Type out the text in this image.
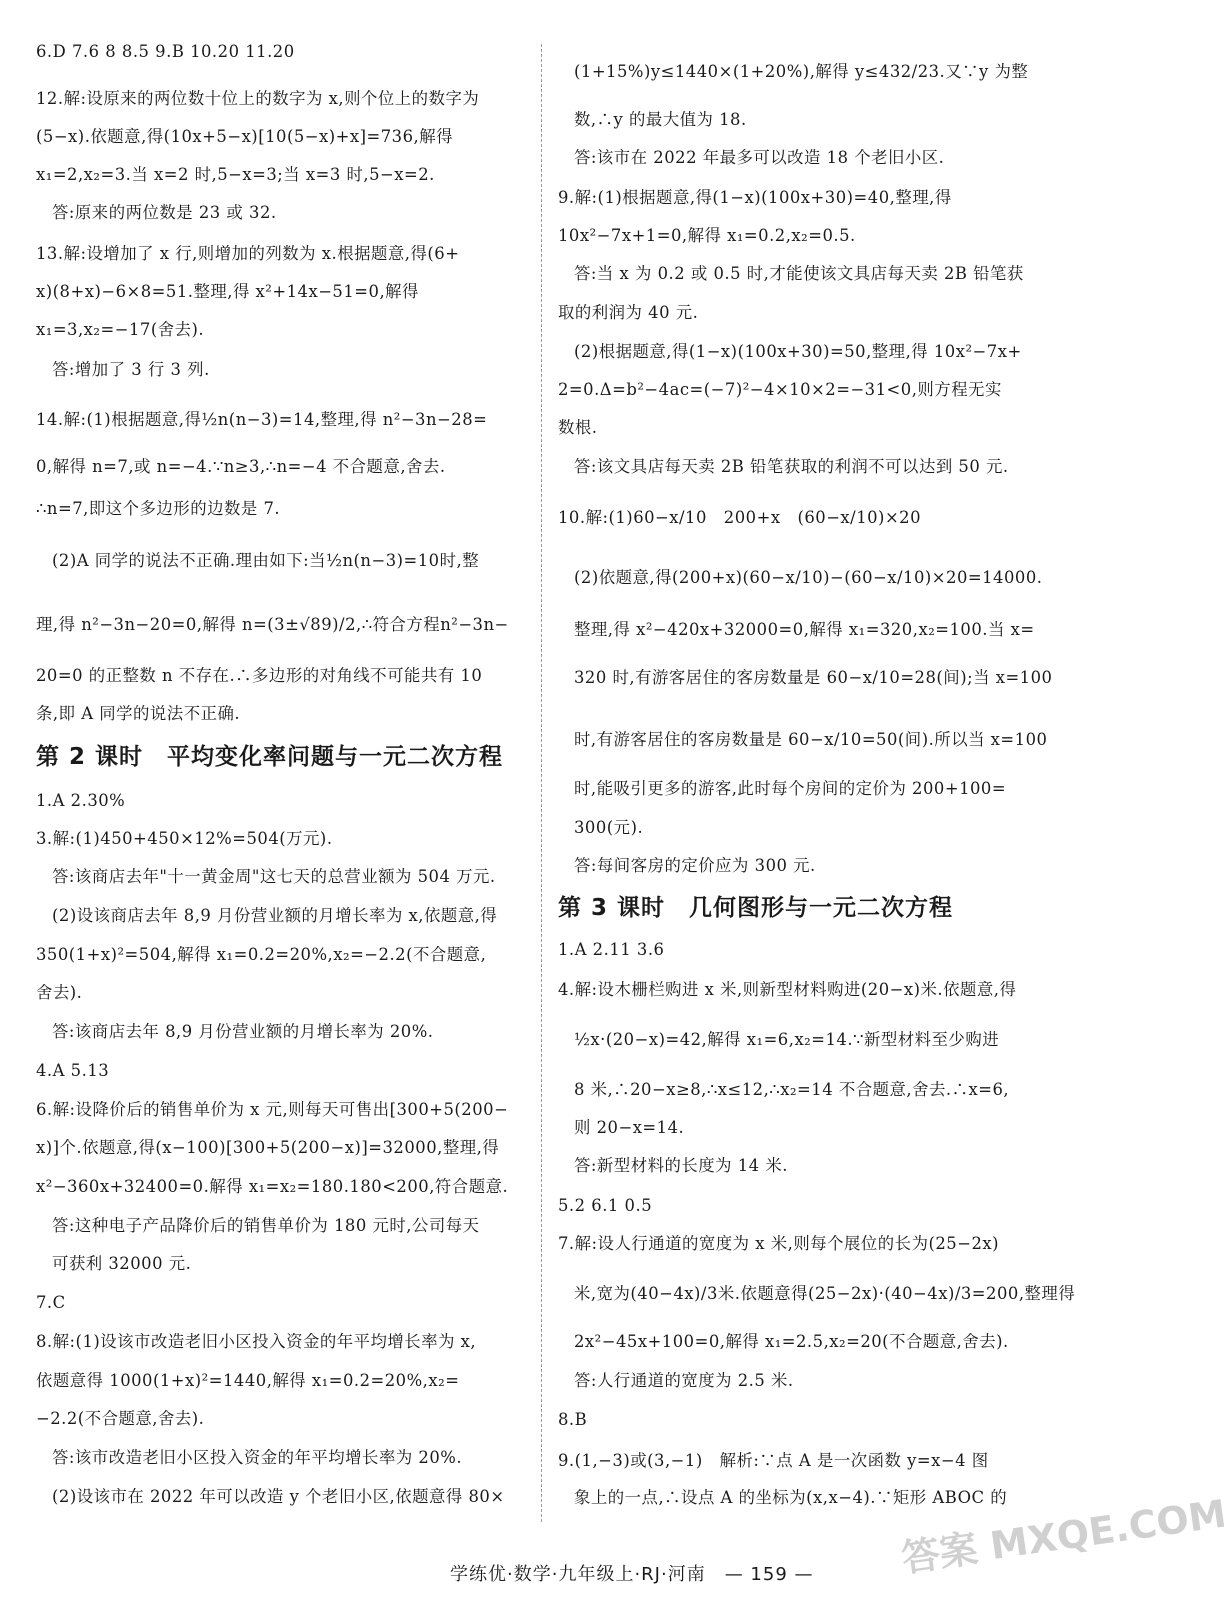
6.D 7.6 8 8.5 9.B 10.20 11.20
12.解:设原来的两位数十位上的数字为 x,则个位上的数字为
(5−x).依题意,得(10x+5−x)[10(5−x)+x]=736,解得
x₁=2,x₂=3.当 x=2 时,5−x=3;当 x=3 时,5−x=2.
答:原来的两位数是 23 或 32.
13.解:设增加了 x 行,则增加的列数为 x.根据题意,得(6+
x)(8+x)−6×8=51.整理,得 x²+14x−51=0,解得
x₁=3,x₂=−17(舍去).
答:增加了 3 行 3 列.
14.解:(1)根据题意,得½n(n−3)=14,整理,得 n²−3n−28=
0,解得 n=7,或 n=−4.∵n≥3,∴n=−4 不合题意,舍去.
∴n=7,即这个多边形的边数是 7.
(2)A 同学的说法不正确.理由如下:当½n(n−3)=10时,整
理,得 n²−3n−20=0,解得 n=(3±√89)/2,∴符合方程n²−3n−
20=0 的正整数 n 不存在.∴多边形的对角线不可能共有 10
条,即 A 同学的说法不正确.
第 2 课时　平均变化率问题与一元二次方程
1.A 2.30%
3.解:(1)450+450×12%=504(万元).
答:该商店去年"十一黄金周"这七天的总营业额为 504 万元.
(2)设该商店去年 8,9 月份营业额的月增长率为 x,依题意,得
350(1+x)²=504,解得 x₁=0.2=20%,x₂=−2.2(不合题意,
舍去).
答:该商店去年 8,9 月份营业额的月增长率为 20%.
4.A 5.13
6.解:设降价后的销售单价为 x 元,则每天可售出[300+5(200−
x)]个.依题意,得(x−100)[300+5(200−x)]=32000,整理,得
x²−360x+32400=0.解得 x₁=x₂=180.180<200,符合题意.
答:这种电子产品降价后的销售单价为 180 元时,公司每天
可获利 32000 元.
7.C
8.解:(1)设该市改造老旧小区投入资金的年平均增长率为 x,
依题意得 1000(1+x)²=1440,解得 x₁=0.2=20%,x₂=
−2.2(不合题意,舍去).
答:该市改造老旧小区投入资金的年平均增长率为 20%.
(2)设该市在 2022 年可以改造 y 个老旧小区,依题意得 80×
(1+15%)y≤1440×(1+20%),解得 y≤432/23.又∵y 为整
数,∴y 的最大值为 18.
答:该市在 2022 年最多可以改造 18 个老旧小区.
9.解:(1)根据题意,得(1−x)(100x+30)=40,整理,得
10x²−7x+1=0,解得 x₁=0.2,x₂=0.5.
答:当 x 为 0.2 或 0.5 时,才能使该文具店每天卖 2B 铅笔获
取的利润为 40 元.
(2)根据题意,得(1−x)(100x+30)=50,整理,得 10x²−7x+
2=0.Δ=b²−4ac=(−7)²−4×10×2=−31<0,则方程无实
数根.
答:该文具店每天卖 2B 铅笔获取的利润不可以达到 50 元.
10.解:(1)60−x/10　200+x　(60−x/10)×20
(2)依题意,得(200+x)(60−x/10)−(60−x/10)×20=14000.
整理,得 x²−420x+32000=0,解得 x₁=320,x₂=100.当 x=
320 时,有游客居住的客房数量是 60−x/10=28(间);当 x=100
时,有游客居住的客房数量是 60−x/10=50(间).所以当 x=100
时,能吸引更多的游客,此时每个房间的定价为 200+100=
300(元).
答:每间客房的定价应为 300 元.
第 3 课时　几何图形与一元二次方程
1.A 2.11 3.6
4.解:设木栅栏购进 x 米,则新型材料购进(20−x)米.依题意,得
½x·(20−x)=42,解得 x₁=6,x₂=14.∵新型材料至少购进
8 米,∴20−x≥8,∴x≤12,∴x₂=14 不合题意,舍去.∴x=6,
则 20−x=14.
答:新型材料的长度为 14 米.
5.2 6.1 0.5
7.解:设人行通道的宽度为 x 米,则每个展位的长为(25−2x)
米,宽为(40−4x)/3米.依题意得(25−2x)·(40−4x)/3=200,整理得
2x²−45x+100=0,解得 x₁=2.5,x₂=20(不合题意,舍去).
答:人行通道的宽度为 2.5 米.
8.B
9.(1,−3)或(3,−1)　解析:∵点 A 是一次函数 y=x−4 图
象上的一点,∴设点 A 的坐标为(x,x−4).∵矩形 ABOC 的
学练优·数学·九年级上·RJ·河南　— 159 — 答案 MXQE.COM
